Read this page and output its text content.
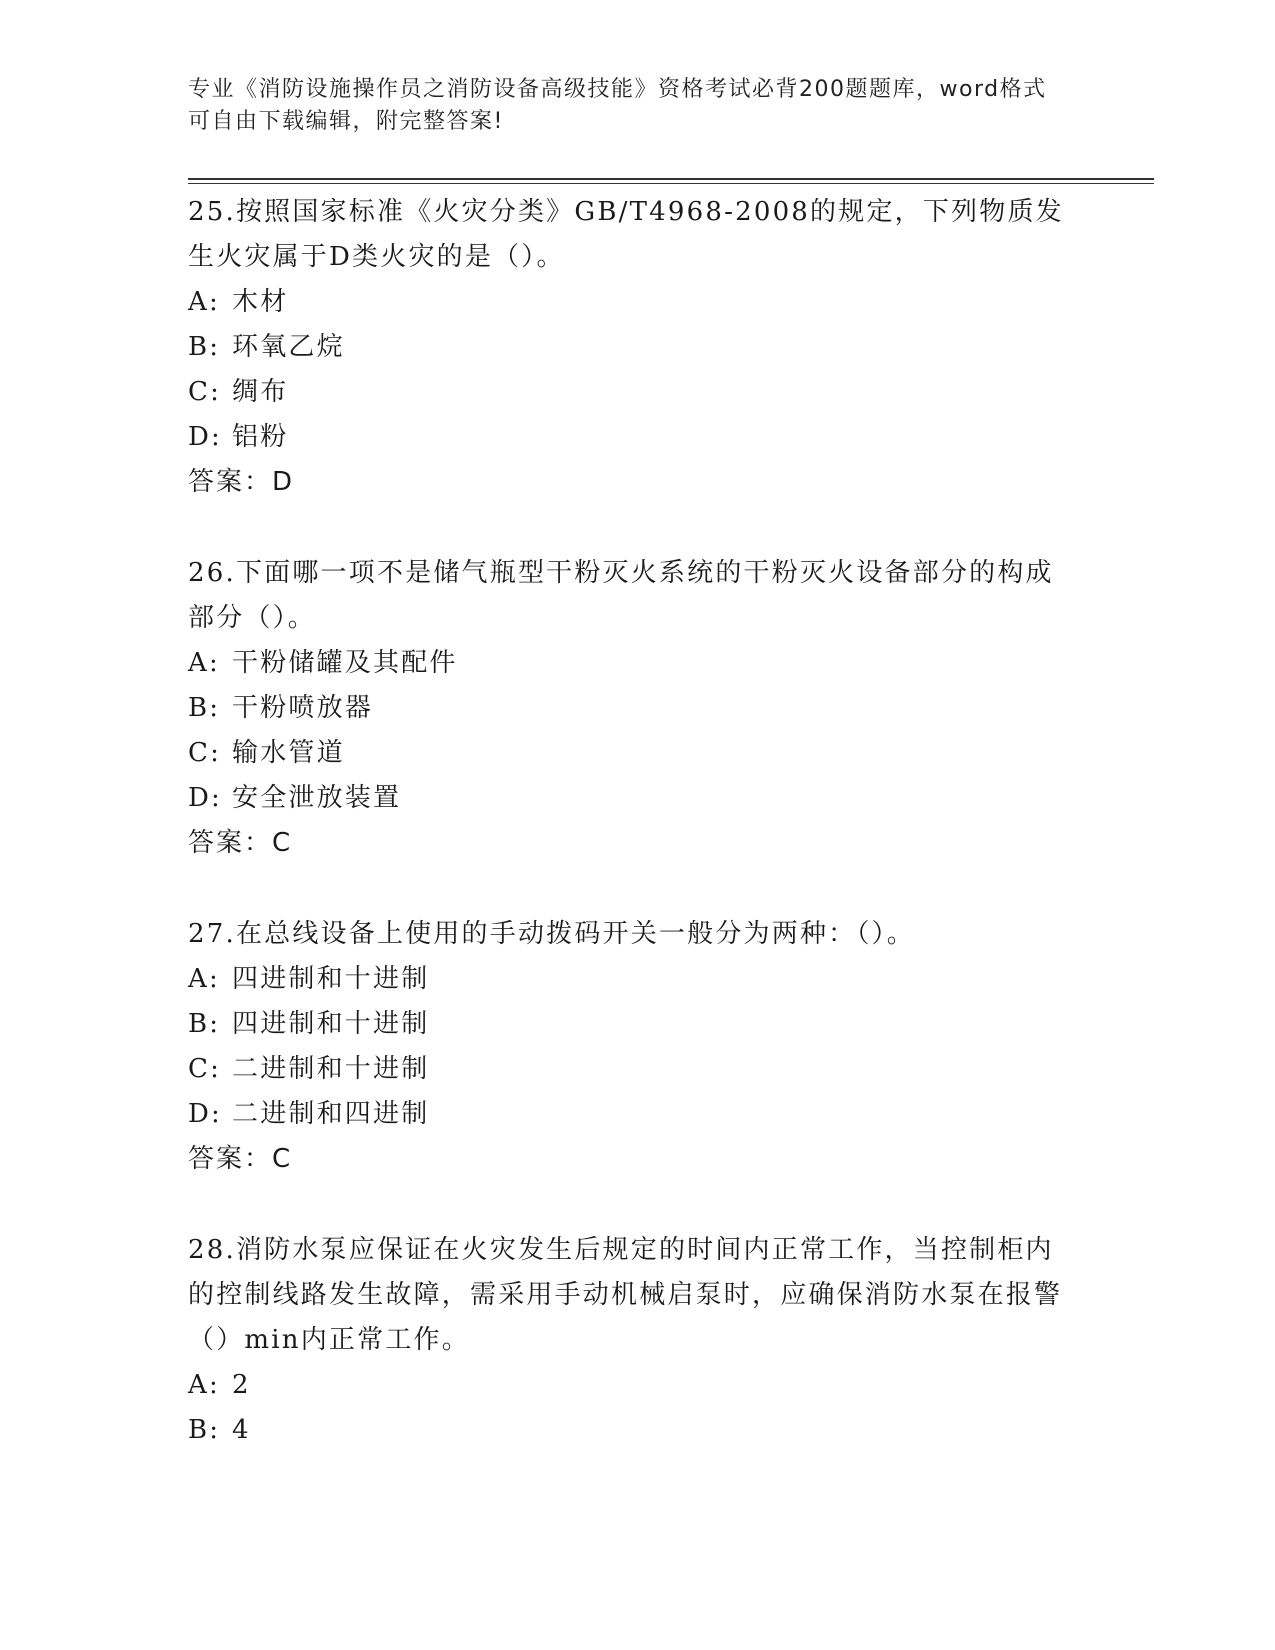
专业《消防设施操作员之消防设备高级技能》资格考试必背200题题库，word格式可自由下载编辑，附完整答案!

25.按照国家标准《火灾分类》GB/T4968-2008的规定，下列物质发生火灾属于D类火灾的是（）。

A: 木材
B: 环氧乙烷
C: 绸布
D: 铝粉

答案：D

26.下面哪一项不是储气瓶型干粉灭火系统的干粉灭火设备部分的构成部分（）。

A: 干粉储罐及其配件
B: 干粉喷放器
C: 输水管道
D: 安全泄放装置

答案：C

27.在总线设备上使用的手动拨码开关一般分为两种：（）。

A: 四进制和十进制
B: 四进制和十进制
C: 二进制和十进制
D: 二进制和四进制

答案：C

28.消防水泵应保证在火灾发生后规定的时间内正常工作，当控制柜内的控制线路发生故障，需采用手动机械启泵时，应确保消防水泵在报警（）min内正常工作。

A: 2
B: 4
